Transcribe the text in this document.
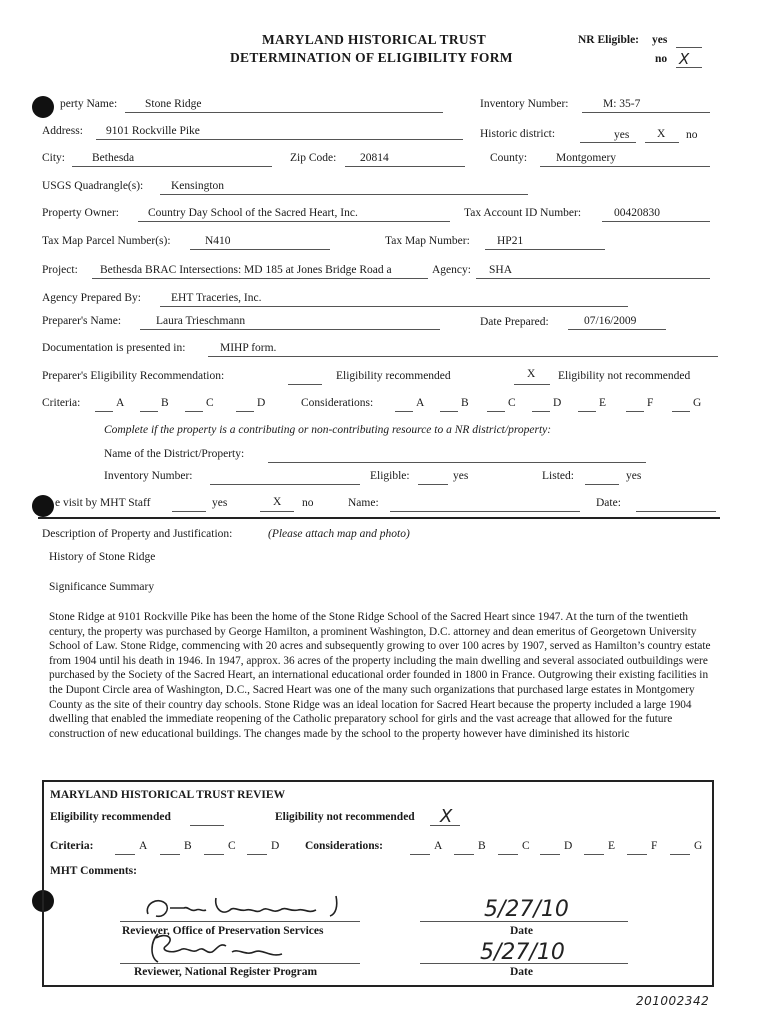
MARYLAND HISTORICAL TRUST
DETERMINATION OF ELIGIBILITY FORM
NR Eligible: yes
no X
perty Name: Stone Ridge	Inventory Number:	M: 35-7
Address: 9101 Rockville Pike	Historic district:	yes X no
City: Bethesda	Zip Code: 20814	County:	Montgomery
USGS Quadrangle(s): Kensington
Property Owner:	Country Day School of the Sacred Heart, Inc.	Tax Account ID Number:	00420830
Tax Map Parcel Number(s):	N410	Tax Map Number: HP21
Project: Bethesda BRAC Intersections: MD 185 at Jones Bridge Road a	Agency: SHA
Agency Prepared By:	EHT Traceries, Inc.
Preparer's Name:	Laura Trieschmann	Date Prepared:	07/16/2009
Documentation is presented in:	MIHP form.
Preparer's Eligibility Recommendation:	Eligibility recommended	X Eligibility not recommended
Criteria:	A	B	C	D	Considerations:	A	B	C	D	E	F	G
Complete if the property is a contributing or non-contributing resource to a NR district/property:
Name of the District/Property:
Inventory Number:	Eligible:	yes	Listed:	yes
e visit by MHT Staff	yes	X no	Name:	Date:
Description of Property and Justification:	(Please attach map and photo)
History of Stone Ridge
Significance Summary
Stone Ridge at 9101 Rockville Pike has been the home of the Stone Ridge School of the Sacred Heart since 1947. At the turn of the twentieth century, the property was purchased by George Hamilton, a prominent Washington, D.C. attorney and dean emeritus of Georgetown University School of Law. Stone Ridge, commencing with 20 acres and subsequently growing to over 100 acres by 1907, served as Hamilton’s country estate from 1904 until his death in 1946. In 1947, approx. 36 acres of the property including the main dwelling and several associated outbuildings were purchased by the Society of the Sacred Heart, an international educational order founded in 1800 in France. Outgrowing their existing facilities in the Dupont Circle area of Washington, D.C., Sacred Heart was one of the many such organizations that purchased large estates in Montgomery County as the site of their country day schools. Stone Ridge was an ideal location for Sacred Heart because the property included a large 1904 dwelling that enabled the immediate reopening of the Catholic preparatory school for girls and the vast acreage that allowed for the future construction of new educational buildings. The changes made by the school to the property however have diminished its historic
MARYLAND HISTORICAL TRUST REVIEW
Eligibility recommended	Eligibility not recommended X
Criteria:	A	B	C	D Considerations:	A	B	C	D	E	F	G
MHT Comments:
Reviewer, Office of Preservation Services
5/27/10
Date
Reviewer, National Register Program
5/27/10
Date
201002342
